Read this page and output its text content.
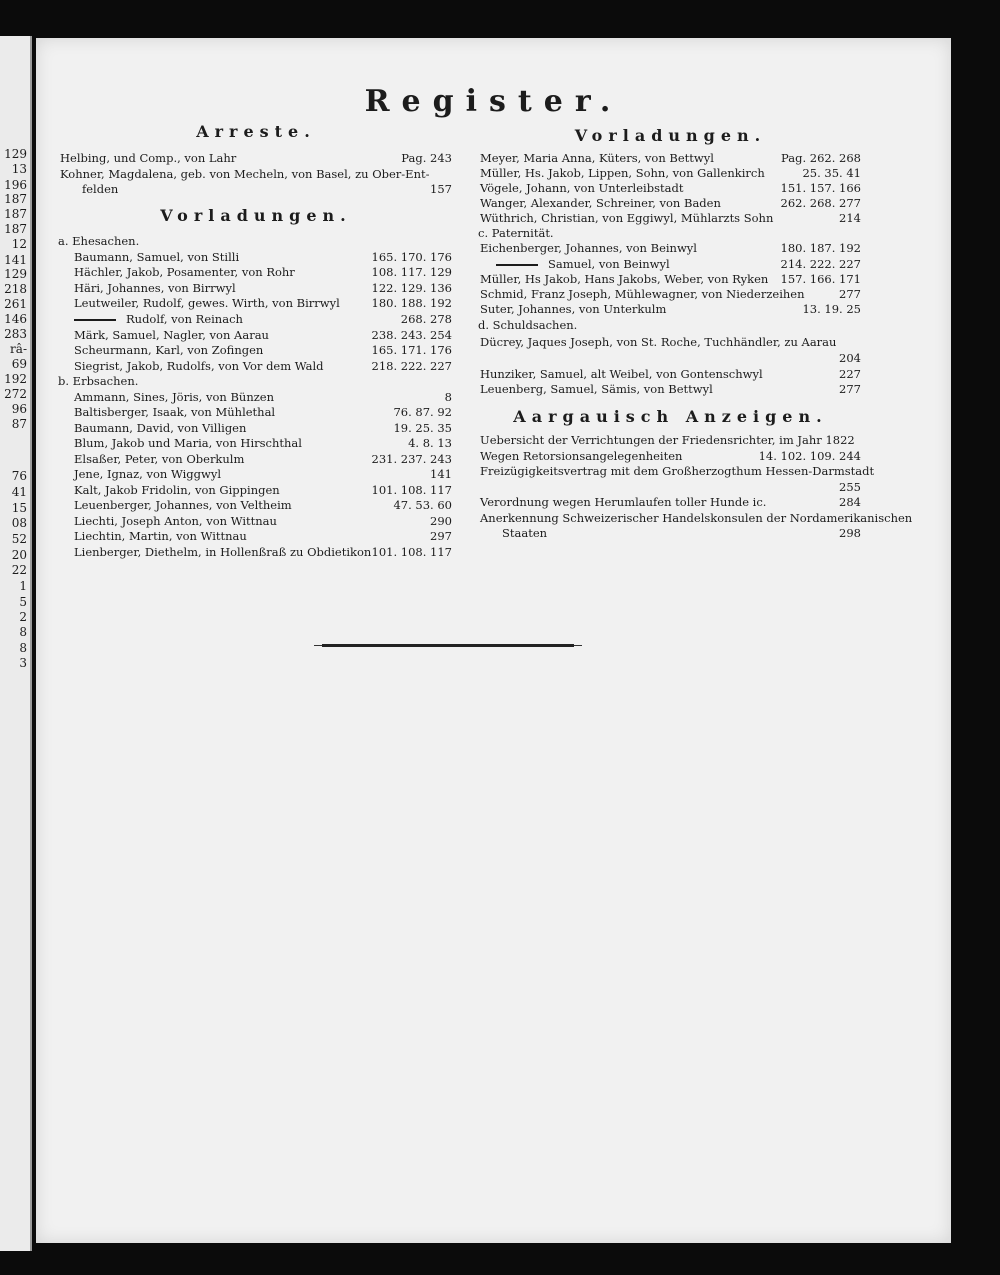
129
13
196
187
187
187
12
141
129
218
261
146
283
râ-
69
192
272
96
87
76
41
15
08
52
20
22
1
5
2
8
8
3
Register.
Arreste.
Helbing, und Comp., von Lahr	Pag. 243
Kohner, Magdalena, geb. von Mecheln, von Basel, zu Ober-Ent-
felden	157
Vorladungen.
a. Ehesachen.
Baumann, Samuel, von Stilli	165. 170. 176
Hächler, Jakob, Posamenter, von Rohr	108. 117. 129
Häri, Johannes, von Birrwyl	122. 129. 136
Leutweiler, Rudolf, gewes. Wirth, von Birrwyl	180. 188. 192
Rudolf, von Reinach	268. 278
Märk, Samuel, Nagler, von Aarau	238. 243. 254
Scheurmann, Karl, von Zofingen	165. 171. 176
Siegrist, Jakob, Rudolfs, von Vor dem Wald	218. 222. 227
b. Erbsachen.
Ammann, Sines, Jöris, von Bünzen	8
Baltisberger, Isaak, von Mühlethal	76. 87. 92
Baumann, David, von Villigen	19. 25. 35
Blum, Jakob und Maria, von Hirschthal	4. 8. 13
Elsaßer, Peter, von Oberkulm	231. 237. 243
Jene, Ignaz, von Wiggwyl	141
Kalt, Jakob Fridolin, von Gippingen	101. 108. 117
Leuenberger, Johannes, von Veltheim	47. 53. 60
Liechti, Joseph Anton, von Wittnau	290
Liechtin, Martin, von Wittnau	297
Lienberger, Diethelm, in Hollenßraß zu Obdietikon 101. 108. 117
Vorladungen.
Meyer, Maria Anna, Küters, von Bettwyl	Pag. 262. 268
Müller, Hs. Jakob, Lippen, Sohn, von Gallenkirch	25. 35. 41
Vögele, Johann, von Unterleibstadt	151. 157. 166
Wanger, Alexander, Schreiner, von Baden	262. 268. 277
Wüthrich, Christian, von Eggiwyl, Mühlarzts Sohn	214
c. Paternität.
Eichenberger, Johannes, von Beinwyl	180. 187. 192
Samuel, von Beinwyl	214. 222. 227
Müller, Hs Jakob, Hans Jakobs, Weber, von Ryken 157. 166. 171
Schmid, Franz Joseph, Mühlewagner, von Niederzeihen	277
Suter, Johannes, von Unterkulm	13. 19. 25
d. Schuldsachen.
Dücrey, Jaques Joseph, von St. Roche, Tuchhändler, zu Aarau
204
Hunziker, Samuel, alt Weibel, von Gontenschwyl	227
Leuenberg, Samuel, Sämis, von Bettwyl	277
Aargauisch Anzeigen.
Uebersicht der Verrichtungen der Friedensrichter, im Jahr 1822
Wegen Retorsionsangelegenheiten	14. 102. 109. 244
Freizügigkeitsvertrag mit dem Großherzogthum Hessen-Darmstadt
255
Verordnung wegen Herumlaufen toller Hunde ic.	284
Anerkennung Schweizerischer Handelskonsulen der Nordamerikanischen
Staaten	298
